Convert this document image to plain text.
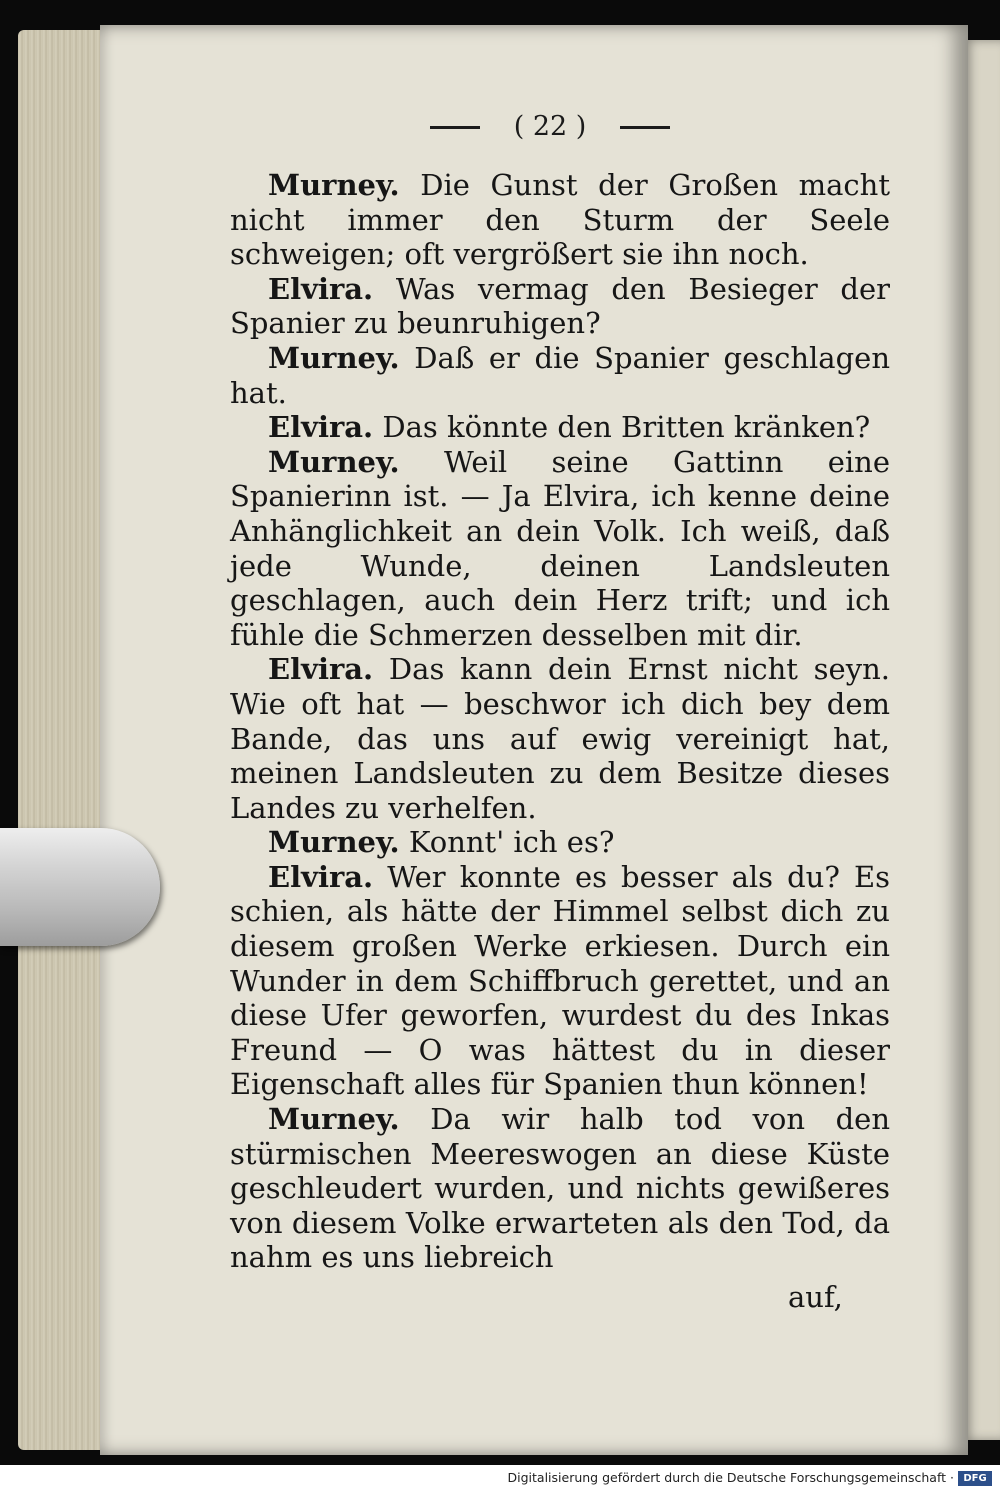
( 22 )

Murney. Die Gunst der Großen macht nicht immer den Sturm der Seele schweigen; oft vergrößert sie ihn noch.

Elvira. Was vermag den Besieger der Spanier zu beunruhigen?

Murney. Daß er die Spanier geschlagen hat.

Elvira. Das könnte den Britten kränken?

Murney. Weil seine Gattinn eine Spanierinn ist. — Ja Elvira, ich kenne deine Anhänglichkeit an dein Volk. Ich weiß, daß jede Wunde, deinen Landsleuten geschlagen, auch dein Herz trift; und ich fühle die Schmerzen desselben mit dir.

Elvira. Das kann dein Ernst nicht seyn. Wie oft hat — beschwor ich dich bey dem Bande, das uns auf ewig vereinigt hat, meinen Landsleuten zu dem Besitze dieses Landes zu verhelfen.

Murney. Konnt' ich es?

Elvira. Wer konnte es besser als du? Es schien, als hätte der Himmel selbst dich zu diesem großen Werke erkiesen. Durch ein Wunder in dem Schiffbruch gerettet, und an diese Ufer geworfen, wurdest du des Inkas Freund — O was hättest du in dieser Eigenschaft alles für Spanien thun können!

Murney. Da wir halb tod von den stürmischen Meereswogen an diese Küste geschleudert wurden, und nichts gewißeres von diesem Volke erwarteten als den Tod, da nahm es uns liebreich

auf,
Digitalisierung gefördert durch die Deutsche Forschungsgemeinschaft · DFG
